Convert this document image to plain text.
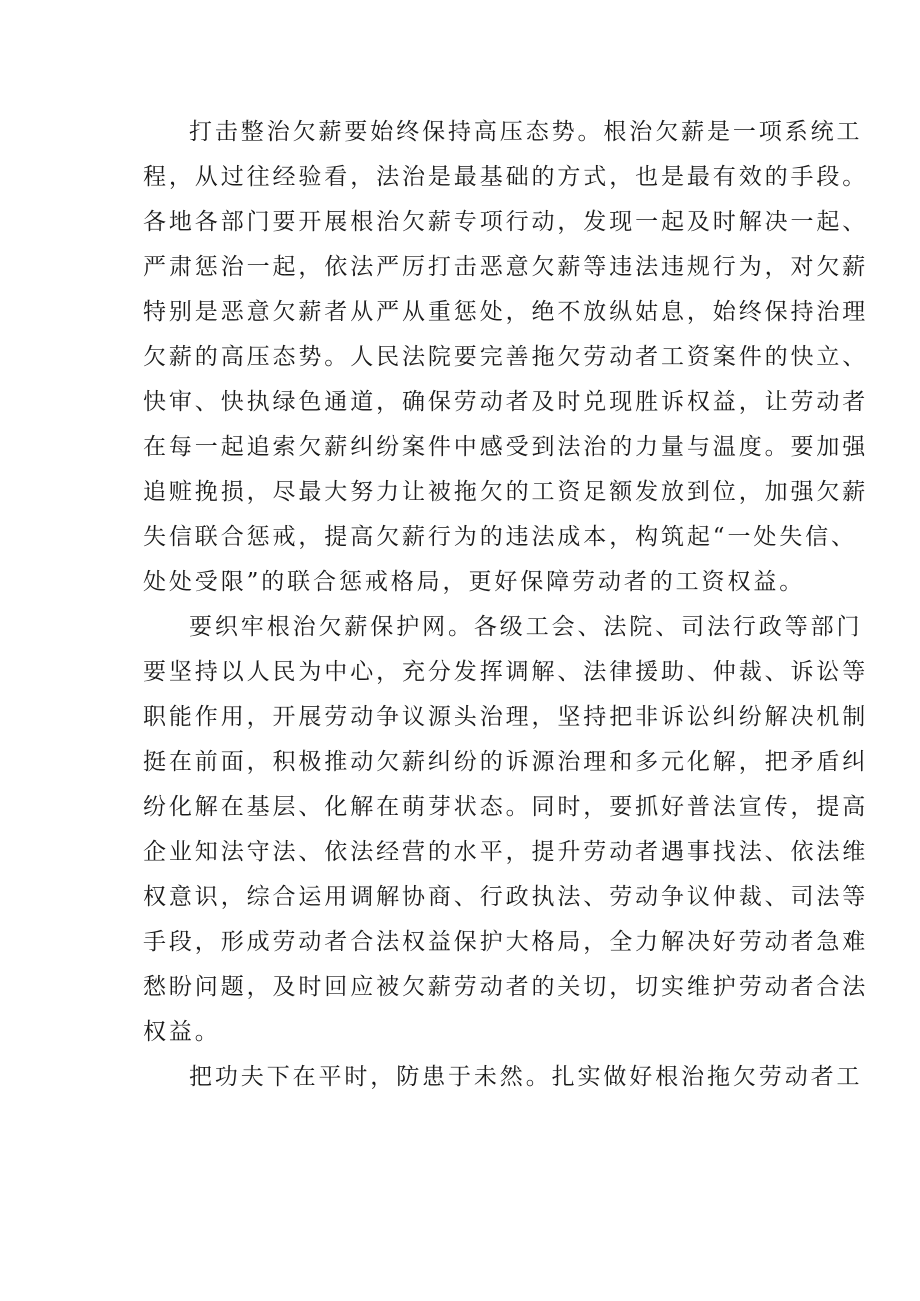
打击整治欠薪要始终保持高压态势。根治欠薪是一项系统工
程，从过往经验看，法治是最基础的方式，也是最有效的手段。
各地各部门要开展根治欠薪专项行动，发现一起及时解决一起、
严肃惩治一起，依法严厉打击恶意欠薪等违法违规行为，对欠薪
特别是恶意欠薪者从严从重惩处，绝不放纵姑息，始终保持治理
欠薪的高压态势。人民法院要完善拖欠劳动者工资案件的快立、
快审、快执绿色通道，确保劳动者及时兑现胜诉权益，让劳动者
在每一起追索欠薪纠纷案件中感受到法治的力量与温度。要加强
追赃挽损，尽最大努力让被拖欠的工资足额发放到位，加强欠薪
失信联合惩戒，提高欠薪行为的违法成本，构筑起“一处失信、
处处受限”的联合惩戒格局，更好保障劳动者的工资权益。
要织牢根治欠薪保护网。各级工会、法院、司法行政等部门
要坚持以人民为中心，充分发挥调解、法律援助、仲裁、诉讼等
职能作用，开展劳动争议源头治理，坚持把非诉讼纠纷解决机制
挺在前面，积极推动欠薪纠纷的诉源治理和多元化解，把矛盾纠
纷化解在基层、化解在萌芽状态。同时，要抓好普法宣传，提高
企业知法守法、依法经营的水平，提升劳动者遇事找法、依法维
权意识，综合运用调解协商、行政执法、劳动争议仲裁、司法等
手段，形成劳动者合法权益保护大格局，全力解决好劳动者急难
愁盼问题，及时回应被欠薪劳动者的关切，切实维护劳动者合法
权益。
把功夫下在平时，防患于未然。扎实做好根治拖欠劳动者工
